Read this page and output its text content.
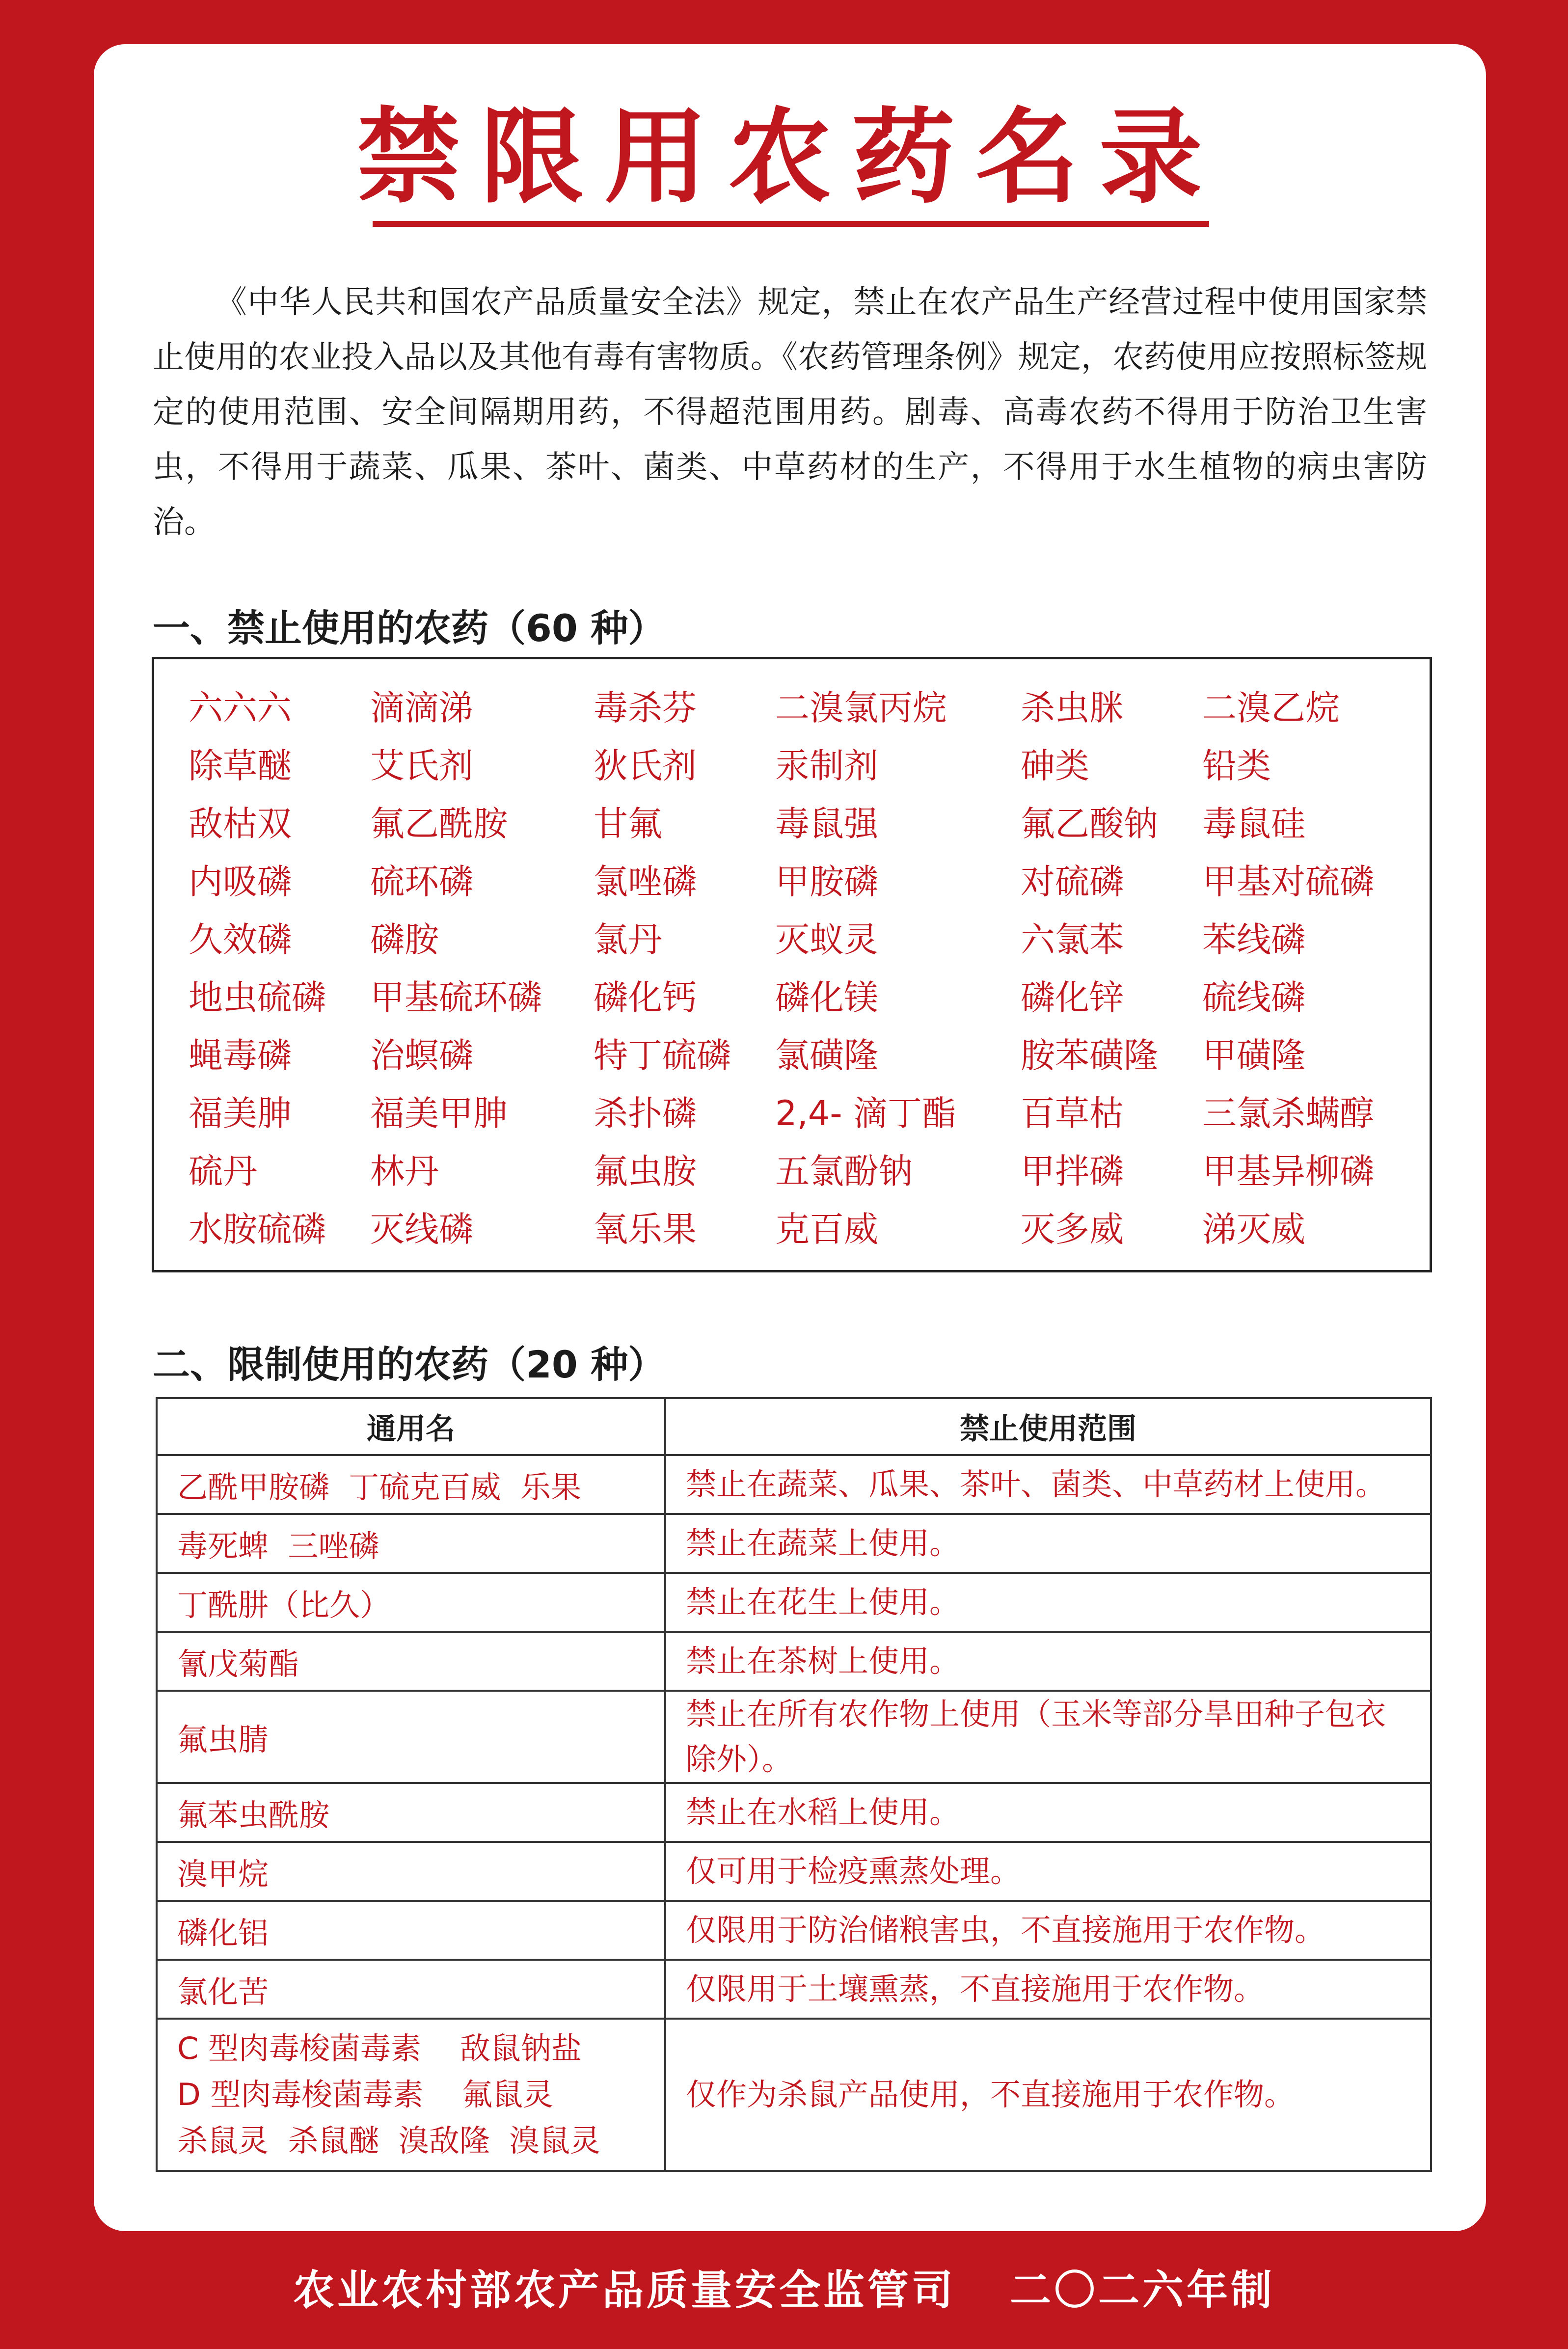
禁限用农药名录
《中华人民共和国农产品质量安全法》规定，禁止在农产品生产经营过程中使用国家禁止使用的农业投入品以及其他有毒有害物质。《农药管理条例》规定，农药使用应按照标签规定的使用范围、安全间隔期用药，不得超范围用药。剧毒、高毒农药不得用于防治卫生害虫，不得用于蔬菜、瓜果、茶叶、菌类、中草药材的生产，不得用于水生植物的病虫害防治。
一、禁止使用的农药（60 种）
六六六	滴滴涕	毒杀芬	二溴氯丙烷	杀虫脒	二溴乙烷
除草醚	艾氏剂	狄氏剂	汞制剂	砷类	铅类
敌枯双	氟乙酰胺	甘氟	毒鼠强	氟乙酸钠	毒鼠硅
内吸磷	硫环磷	氯唑磷	甲胺磷	对硫磷	甲基对硫磷
久效磷	磷胺	氯丹	灭蚁灵	六氯苯	苯线磷
地虫硫磷	甲基硫环磷	磷化钙	磷化镁	磷化锌	硫线磷
蝇毒磷	治螟磷	特丁硫磷	氯磺隆	胺苯磺隆	甲磺隆
福美胂	福美甲胂	杀扑磷	2,4- 滴丁酯	百草枯	三氯杀螨醇
硫丹	林丹	氟虫胺	五氯酚钠	甲拌磷	甲基异柳磷
水胺硫磷	灭线磷	氧乐果	克百威	灭多威	涕灭威
二、限制使用的农药（20 种）
通用名	禁止使用范围
乙酰甲胺磷  丁硫克百威  乐果	禁止在蔬菜、瓜果、茶叶、菌类、中草药材上使用。
毒死蜱  三唑磷	禁止在蔬菜上使用。
丁酰肼（比久）	禁止在花生上使用。
氰戊菊酯	禁止在茶树上使用。
氟虫腈	禁止在所有农作物上使用（玉米等部分旱田种子包衣除外）。
氟苯虫酰胺	禁止在水稻上使用。
溴甲烷	仅可用于检疫熏蒸处理。
磷化铝	仅限用于防治储粮害虫，不直接施用于农作物。
氯化苦	仅限用于土壤熏蒸，不直接施用于农作物。

C 型肉毒梭菌毒素    敌鼠钠盐
D 型肉毒梭菌毒素    氟鼠灵
杀鼠灵  杀鼠醚  溴敌隆  溴鼠灵	仅作为杀鼠产品使用，不直接施用于农作物。
农业农村部农产品质量安全监管司 二〇二六年制
